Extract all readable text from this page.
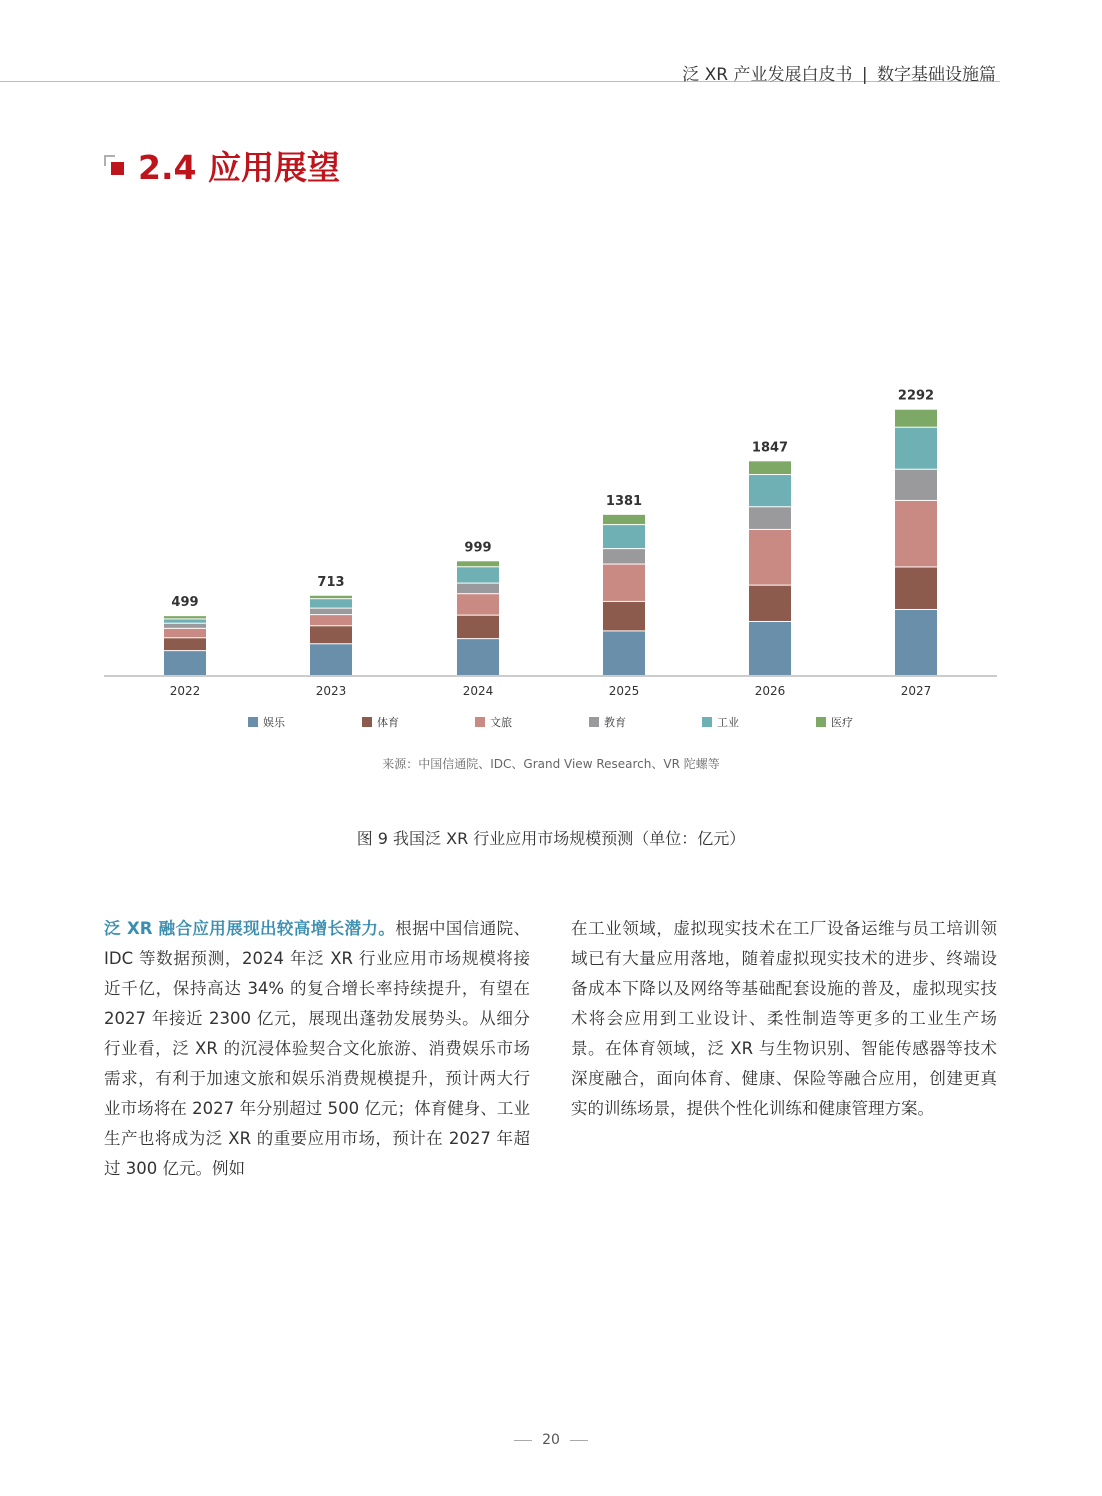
泛 XR 产业发展白皮书 | 数字基础设施篇
2.4 应用展望
499
713
999
1381
1847
2292
2022	2023	2024	2025	2026	2027
娱乐	体育	文旅	教育	工业	医疗
来源：中国信通院、IDC、Grand View Research、VR 陀螺等
图 9 我国泛 XR 行业应用市场规模预测（单位：亿元）
泛 XR 融合应用展现出较高增长潜力。根据中国信通院、IDC 等数据预测，2024 年泛 XR 行业应用市场规模将接近千亿，保持高达 34% 的复合增长率持续提升，有望在 2027 年接近 2300 亿元，展现出蓬勃发展势头。从细分行业看，泛 XR 的沉浸体验契合文化旅游、消费娱乐市场需求，有利于加速文旅和娱乐消费规模提升，预计两大行业市场将在 2027 年分别超过 500 亿元；体育健身、工业生产也将成为泛 XR 的重要应用市场，预计在 2027 年超过 300 亿元。例如
在工业领域，虚拟现实技术在工厂设备运维与员工培训领域已有大量应用落地，随着虚拟现实技术的进步、终端设备成本下降以及网络等基础配套设施的普及，虚拟现实技术将会应用到工业设计、柔性制造等更多的工业生产场景。在体育领域，泛 XR 与生物识别、智能传感器等技术深度融合，面向体育、健康、保险等融合应用，创建更真实的训练场景，提供个性化训练和健康管理方案。
20
